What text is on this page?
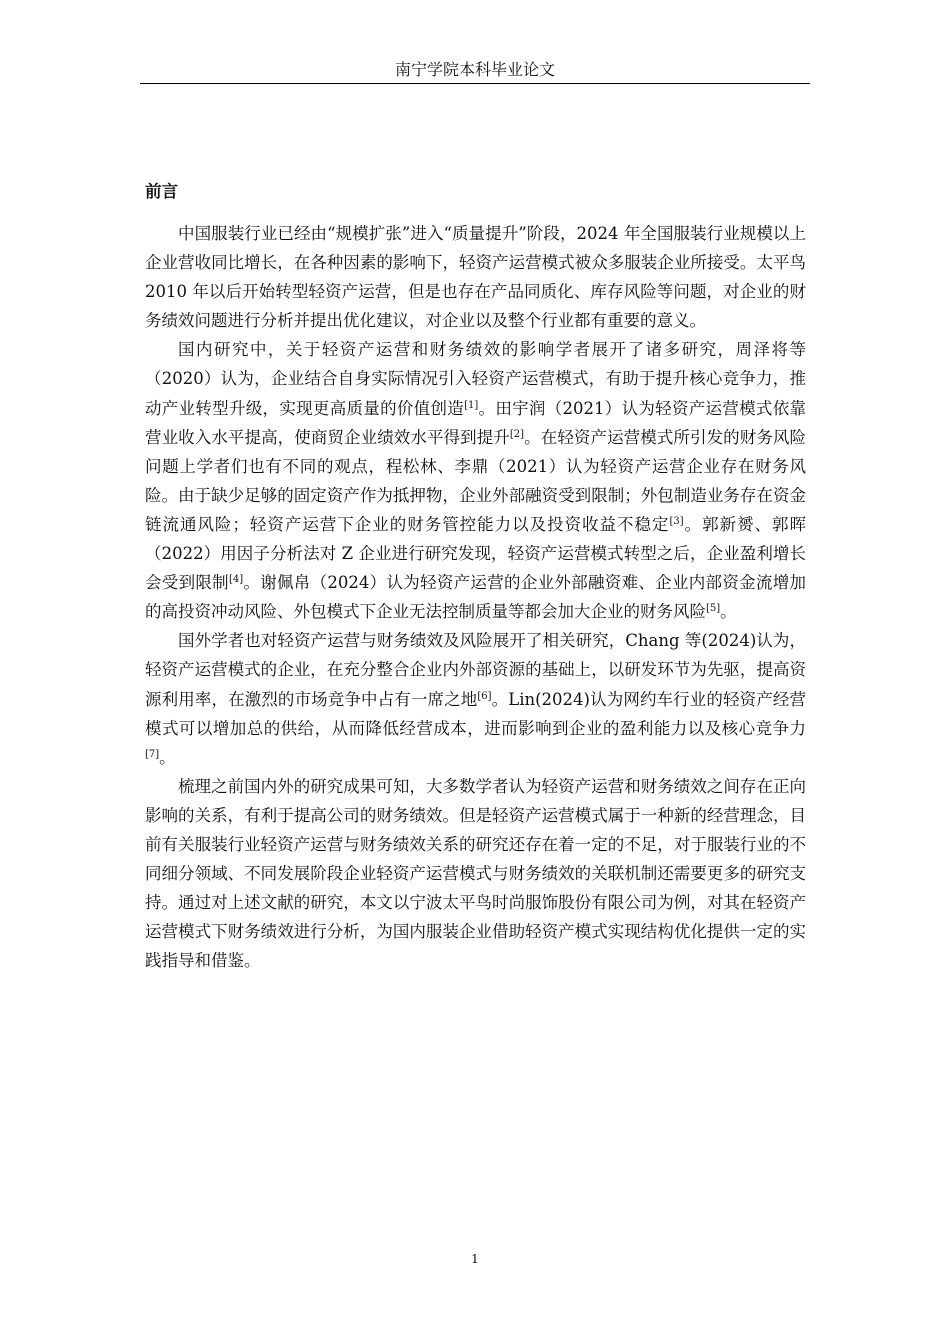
南宁学院本科毕业论文
前言

中国服装行业已经由“规模扩张”进入“质量提升”阶段，2024 年全国服装行业规模以上企业营收同比增长，在各种因素的影响下，轻资产运营模式被众多服装企业所接受。太平鸟 2010 年以后开始转型轻资产运营，但是也存在产品同质化、库存风险等问题，对企业的财务绩效问题进行分析并提出优化建议，对企业以及整个行业都有重要的意义。

国内研究中，关于轻资产运营和财务绩效的影响学者展开了诸多研究，周泽将等（2020）认为，企业结合自身实际情况引入轻资产运营模式，有助于提升核心竞争力，推动产业转型升级，实现更高质量的价值创造[1]。田宇润（2021）认为轻资产运营模式依靠营业收入水平提高，使商贸企业绩效水平得到提升[2]。在轻资产运营模式所引发的财务风险问题上学者们也有不同的观点，程松林、李鼎（2021）认为轻资产运营企业存在财务风险。由于缺少足够的固定资产作为抵押物，企业外部融资受到限制；外包制造业务存在资金链流通风险；轻资产运营下企业的财务管控能力以及投资收益不稳定[3]。郭新赟、郭晖（2022）用因子分析法对 Z 企业进行研究发现，轻资产运营模式转型之后，企业盈利增长会受到限制[4]。谢佩帛（2024）认为轻资产运营的企业外部融资难、企业内部资金流增加的高投资冲动风险、外包模式下企业无法控制质量等都会加大企业的财务风险[5]。

国外学者也对轻资产运营与财务绩效及风险展开了相关研究，Chang 等(2024)认为，轻资产运营模式的企业，在充分整合企业内外部资源的基础上，以研发环节为先驱，提高资源利用率，在激烈的市场竞争中占有一席之地[6]。Lin(2024)认为网约车行业的轻资产经营模式可以增加总的供给，从而降低经营成本，进而影响到企业的盈利能力以及核心竞争力[7]。

梳理之前国内外的研究成果可知，大多数学者认为轻资产运营和财务绩效之间存在正向影响的关系，有利于提高公司的财务绩效。但是轻资产运营模式属于一种新的经营理念，目前有关服装行业轻资产运营与财务绩效关系的研究还存在着一定的不足，对于服装行业的不同细分领域、不同发展阶段企业轻资产运营模式与财务绩效的关联机制还需要更多的研究支持。通过对上述文献的研究，本文以宁波太平鸟时尚服饰股份有限公司为例，对其在轻资产运营模式下财务绩效进行分析，为国内服装企业借助轻资产模式实现结构优化提供一定的实践指导和借鉴。

1
